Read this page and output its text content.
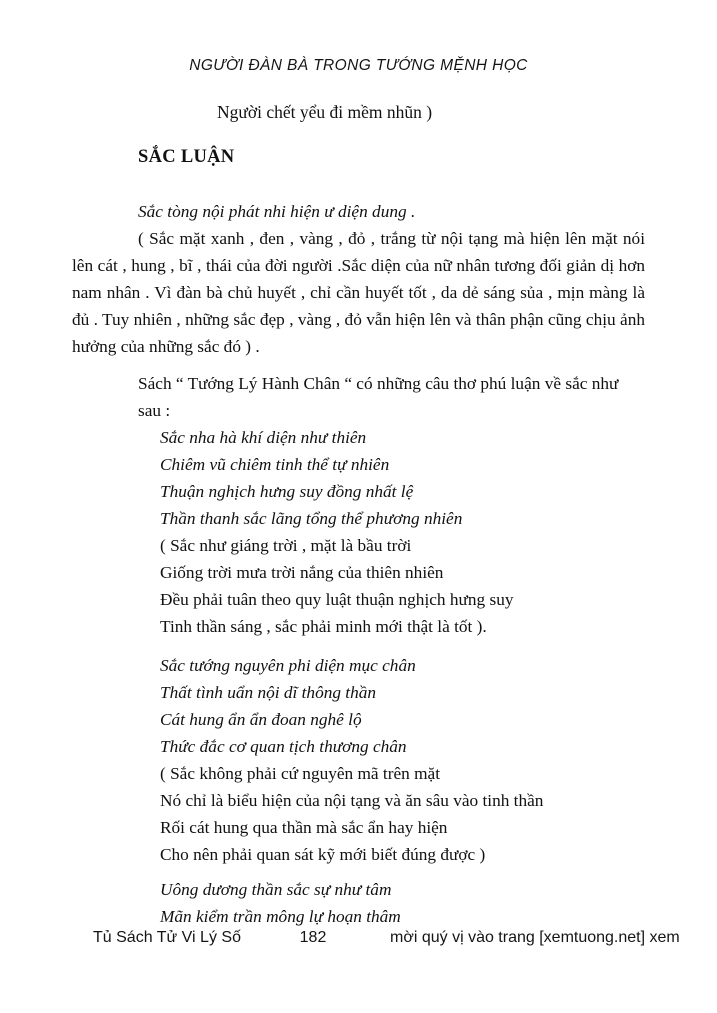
NGƯỜI ĐÀN BÀ TRONG TƯỚNG MỆNH HỌC
Người chết yểu đi mềm nhũn )
SẮC LUẬN
Sắc tòng nội phát nhi hiện ư diện dung .
( Sắc mặt xanh , đen , vàng , đỏ , trắng từ nội tạng mà hiện lên mặt nói lên cát , hung , bĩ , thái của đời người .Sắc diện của nữ nhân tương đối giản dị hơn nam nhân . Vì đàn bà chủ huyết , chỉ cần huyết tốt , da dẻ sáng sủa , mịn màng là đủ . Tuy nhiên , những sắc đẹp , vàng , đỏ vẫn hiện lên và thân phận cũng chịu ảnh hưởng của những sắc đó ) .
Sách “ Tướng Lý Hành Chân “ có những câu thơ phú luận về sắc như sau :
Sắc nha hà khí diện như thiên
Chiêm vũ chiêm tinh thể tự nhiên
Thuận nghịch hưng suy đồng nhất lệ
Thần thanh sắc lãng tổng thể phương nhiên
( Sắc như giáng trời , mặt là bầu trời
Giống trời mưa trời nắng của thiên nhiên
Đều phải tuân theo quy luật thuận nghịch hưng suy
Tinh thần sáng , sắc phải minh mới thật là tốt ).
Sắc tướng nguyên phi diện mục chân
Thất tình uẩn nội dĩ thông thần
Cát hung ẩn ẩn đoan nghê lộ
Thức đắc cơ quan tịch thương chân
( Sắc không phải cứ nguyên mã trên mặt
Nó chỉ là biểu hiện của nội tạng và ăn sâu vào tinh thần
Rối cát hung qua thần mà sắc ẩn hay hiện
Cho nên phải quan sát kỹ mới biết đúng được )
Uông dương thần sắc sự như tâm
Mãn kiểm trần mông lự hoạn thâm
Tủ Sách Tử Vi Lý Số	182	mời quý vị vào trang [xemtuong.net] xem
